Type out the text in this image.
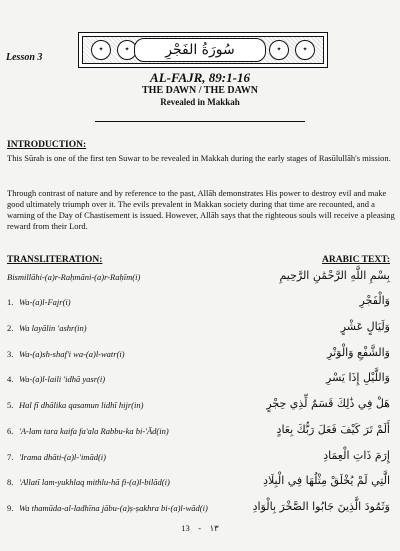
Lesson 3
✦	✦	سُورَةُ الفَجْرِ	✦	✦
AL-FAJR, 89:1-16
THE DAWN / THE DAWN
Revealed in Makkah
INTRODUCTION:
This Sūrah is one of the first ten Suwar to be revealed in Makkah during the early stages of Rasūlullāh's mission.
Through contrast of nature and by reference to the past, Allāh demonstrates His power to destroy evil and make good ultimately triumph over it. The evils prevalent in Makkan society during that time are recounted, and a warning of the Day of Chastisement is issued. However, Allāh says that the righteous souls will receive a pleasing reward from their Lord.
TRANSLITERATION:	ARABIC TEXT:
Bismillāhi-(a)r-Raḥmāni-(a)r-Raḥīm(i)	بِسْمِ اللَّهِ الرَّحْمَٰنِ الرَّحِيمِ
1. Wa-(a)l-Fajr(i)	وَالْفَجْرِ
2. Wa layālin 'ashr(in)	وَلَيَالٍ عَشْرٍ
3. Wa-(a)sh-shaf'i wa-(a)l-watr(i)	وَالشَّفْعِ وَالْوَتْرِ
4. Wa-(a)l-laili 'idhā yasr(i)	وَاللَّيْلِ إِذَا يَسْرِ
5. Hal fī dhālika qasamun lidhī hijr(in)	هَلْ فِي ذَٰلِكَ قَسَمٌ لِّذِي حِجْرٍ
6. 'A-lam tara kaifa fa'ala Rabbu-ka bi-'Ād(in)	أَلَمْ تَرَ كَيْفَ فَعَلَ رَبُّكَ بِعَادٍ
7. 'Irama dhāti-(a)l-'imād(i)	إِرَمَ ذَاتِ الْعِمَادِ
8. 'Allatī lam-yukhlaq mithlu-hā fi-(a)l-bilād(i)	الَّتِي لَمْ يُخْلَقْ مِثْلُهَا فِي الْبِلَادِ
9. Wa thamūda-al-ladhīna jābu-(a)ṣ-ṣakhra bi-(a)l-wād(i)	وَثَمُودَ الَّذِينَ جَابُوا الصَّخْرَ بِالْوَادِ
13 - ١٣
